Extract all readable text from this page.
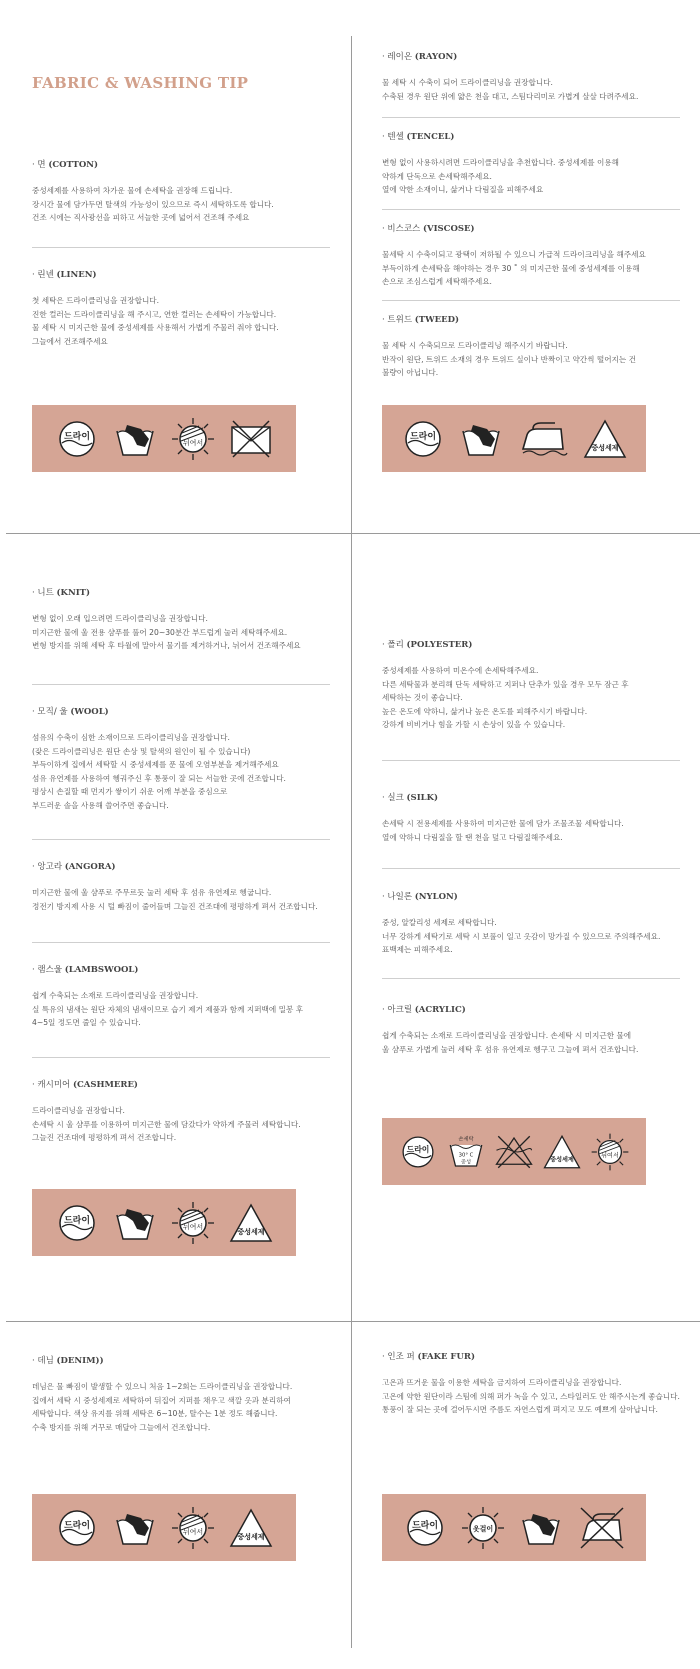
FABRIC & WASHING TIP
· 면 (COTTON)

중성세제를 사용하여 차가운 물에 손세탁을 권장해 드립니다.
장시간 물에 담가두면 탈색의 가능성이 있으므로 즉시 세탁하도록 합니다.
건조 시에는 직사광선을 피하고 서늘한 곳에 넓어서 건조해 주세요

· 린넨 (LINEN)

첫 세탁은 드라이클리닝을 권장합니다.
진한 컬러는 드라이클리닝을 해 주시고, 연한 컬러는 손세탁이 가능합니다.
물 세탁 시 미지근한 물에 중성세제를 사용해서 가볍게 주물러 줘야 합니다.
그늘에서 건조해주세요

드라이
뉘여서
· 레이온 (RAYON)

물 세탁 시 수축이 되어 드라이클리닝을 권장합니다.
수축된 경우 원단 위에 얇은 천을 대고, 스팀다리미로 가볍게 살살 다려주세요.

· 텐셀 (TENCEL)

변형 없이 사용하시려면 드라이클리닝을 추천합니다. 중성세제를 이용해
약하게 단독으로 손세탁해주세요.
열에 약한 소재이니, 삶거나 다림질을 피해주세요

· 비스코스 (VISCOSE)

물세탁 시 수축이되고 광택이 저하될 수 있으니 가급적 드라이크리닝을 해주세요
부득이하게 손세탁을 해야하는 경우 30 ˚ 의 미지근한 물에 중성세제를 이용해
손으로 조심스럽게 세탁해주세요.

· 트위드 (TWEED)

물 세탁 시 수축되므로 드라이클리닝 해주시기 바랍니다.
반작이 원단, 트위드 소재의 경우 트위드 실이나 반짝이고 약간씩 떨어지는 건
불량이 아닙니다.

드라이
중성세제
· 니트 (KNIT)

변형 없이 오래 입으려면 드라이클리닝을 권장합니다.
미지근한 물에 울 전용 샴푸를 풀어 20~30분간 부드럽게 눌러 세탁해주세요.
변형 방지를 위해 세탁 후 타월에 말아서 물기를 제거하거나, 뉘어서 건조해주세요

· 모직/ 울 (WOOL)

섬유의 수축이 심한 소재이므로 드라이클리닝을 권장합니다.
(잦은 드라이클리닝은 원단 손상 및 탈색의 원인이 될 수 있습니다)
부득이하게 집에서 세탁할 시 중성세제를 푼 물에 오염부분을 제거해주세요
섬유 유연제를 사용하여 헹궈주신 후 통풍이 잘 되는 서늘한 곳에 건조합니다.
평상시 손질할 때 먼지가 쌓이기 쉬운 어깨 부분을 중심으로
부드러운 솔을 사용해 쓸어주면 좋습니다.

· 앙고라 (ANGORA)

미지근한 물에 울 샴푸로 주무르듯 눌러 세탁 후 섬유 유연제로 헹굽니다.
정전기 방지제 사용 시 털 빠짐이 줄어들며 그늘진 건조대에 평평하게 펴서 건조합니다.

· 램스울 (LAMBSWOOL)

쉽게 수축되는 소재로 드라이클리닝을 권장합니다.
실 특유의 냄새는 원단 자체의 냄새이므로 습기 제거 제품과 함께 지퍼백에 밀봉 후
4~5일 정도면 줄일 수 있습니다.

· 캐시미어 (CASHMERE)

드라이클리닝을 권장합니다.
손세탁 시 울 샴푸를 이용하여 미지근한 물에 담갔다가 약하게 주물러 세탁합니다.
그늘진 건조대에 평평하게 펴서 건조합니다.

드라이
뉘여서
중성세제
· 폴리 (POLYESTER)

중성세제를 사용하여 미온수에 손세탁해주세요.
다른 세탁물과 분리해 단독 세탁하고 지퍼나 단추가 있을 경우 모두 잠근 후
세탁하는 것이 좋습니다.
높은 온도에 약하니, 삶거나 높은 온도를 피해주시기 바랍니다.
강하게 비비거나 힘을 가할 시 손상이 있을 수 있습니다.

· 실크 (SILK)

손세탁 시 전용세제를 사용하여 미지근한 물에 담가 조물조물 세탁합니다.
열에 약하니 다림질을 할 땐 천을 덮고 다림질해주세요.

· 나일론 (NYLON)

중성, 알칼리성 세제로 세탁합니다.
너무 강하게 세탁기로 세탁 시 보풀이 일고 옷감이 망가질 수 있으므로 주의해주세요.
표백제는 피해주세요.

· 아크릴 (ACRYLIC)

쉽게 수축되는 소재로 드라이클리닝을 권장합니다. 손세탁 시 미지근한 물에
울 샴푸로 가볍게 눌러 세탁 후 섬유 유연제로 헹구고 그늘에 펴서 건조합니다.

드라이
손세탁
30° C
중성	중성세제
뉘여서
· 데님 (DENIM))

데님은 물 빠짐이 발생할 수 있으니 처음 1~2회는 드라이클리닝을 권장합니다.
집에서 세탁 시 중성세제로 세탁하여 뒤집어 지퍼를 채우고 색깔 옷과 분리하여
세탁합니다. 색상 유지를 위해 세탁은 6~10분, 탈수는 1분 정도 해줍니다.
수축 방지를 위해 거꾸로 매달아 그늘에서 건조합니다.

드라이
뉘여서
중성세제
· 인조 퍼 (FAKE FUR)

고온과 뜨거운 물을 이용한 세탁을 금지하여 드라이클리닝을 권장합니다.
고온에 약한 원단이라 스팀에 의해 퍼가 녹을 수 있고, 스타일러도 안 해주시는게 좋습니다.
통풍이 잘 되는 곳에 걸어두시면 주름도 자연스럽게 펴지고 모도 예쁘게 살아납니다.

드라이	옷걸이
